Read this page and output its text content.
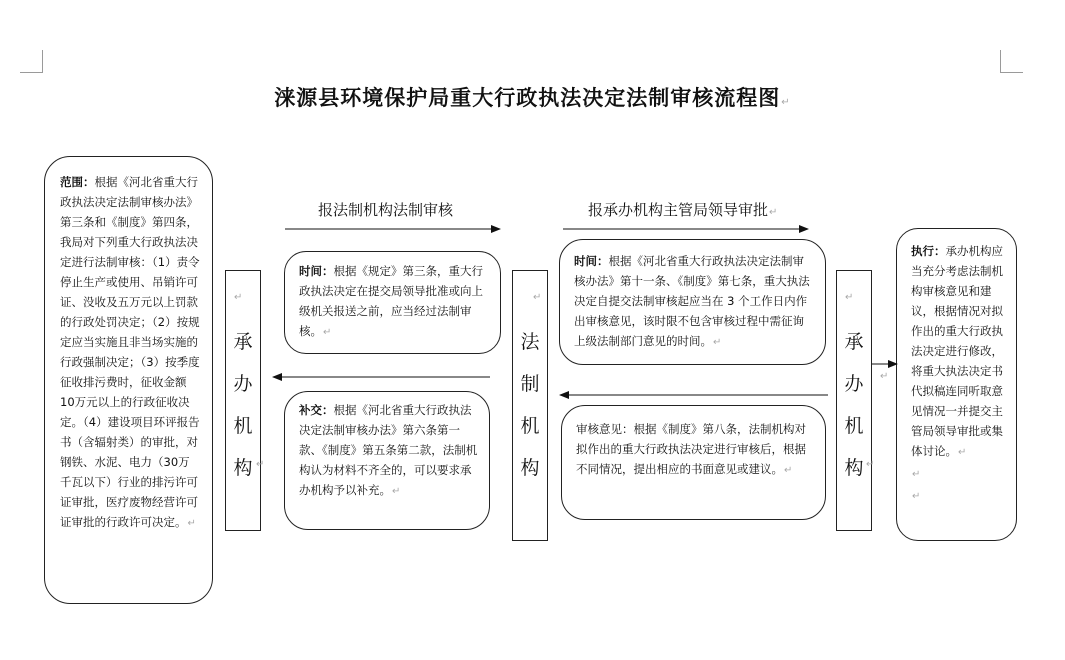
涞源县环境保护局重大行政执法决定法制审核流程图↵

范围：根据《河北省重大行政执法决定法制审核办法》第三条和《制度》第四条，我局对下列重大行政执法决定进行法制审核：（1）责令停止生产或使用、吊销许可证、没收及五万元以上罚款的行政处罚决定；（2）按规定应当实施且非当场实施的行政强制决定；（3）按季度征收排污费时，征收金额10万元以上的行政征收决定。（4）建设项目环评报告书（含辐射类）的审批，对钢铁、水泥、电力（30万千瓦以下）行业的排污许可证审批，医疗废物经营许可证审批的行政许可决定。↵

承
办
机
构
法
制
机
构
承
办
机
构
报法制机构法制审核	报承办机构主管局领导审批↵

时间：根据《规定》第三条，重大行政执法决定在提交局领导批准或向上级机关报送之前，应当经过法制审核。↵

补交：根据《河北省重大行政执法决定法制审核办法》第六条第一款、《制度》第五条第二款，法制机构认为材料不齐全的，可以要求承办机构予以补充。↵

时间：根据《河北省重大行政执法决定法制审核办法》第十一条、《制度》第七条，重大执法决定自提交法制审核起应当在 3 个工作日内作出审核意见，该时限不包含审核过程中需征询上级法制部门意见的时间。↵

审核意见：根据《制度》第八条，法制机构对拟作出的重大行政执法决定进行审核后，根据不同情况，提出相应的书面意见或建议。↵

执行：承办机构应当充分考虑法制机构审核意见和建议，根据情况对拟作出的重大行政执法决定进行修改，将重大执法决定书代拟稿连同听取意见情况一并提交主管局领导审批或集体讨论。↵

↵

↵

↵
↵
↵	↵
↵
↵
